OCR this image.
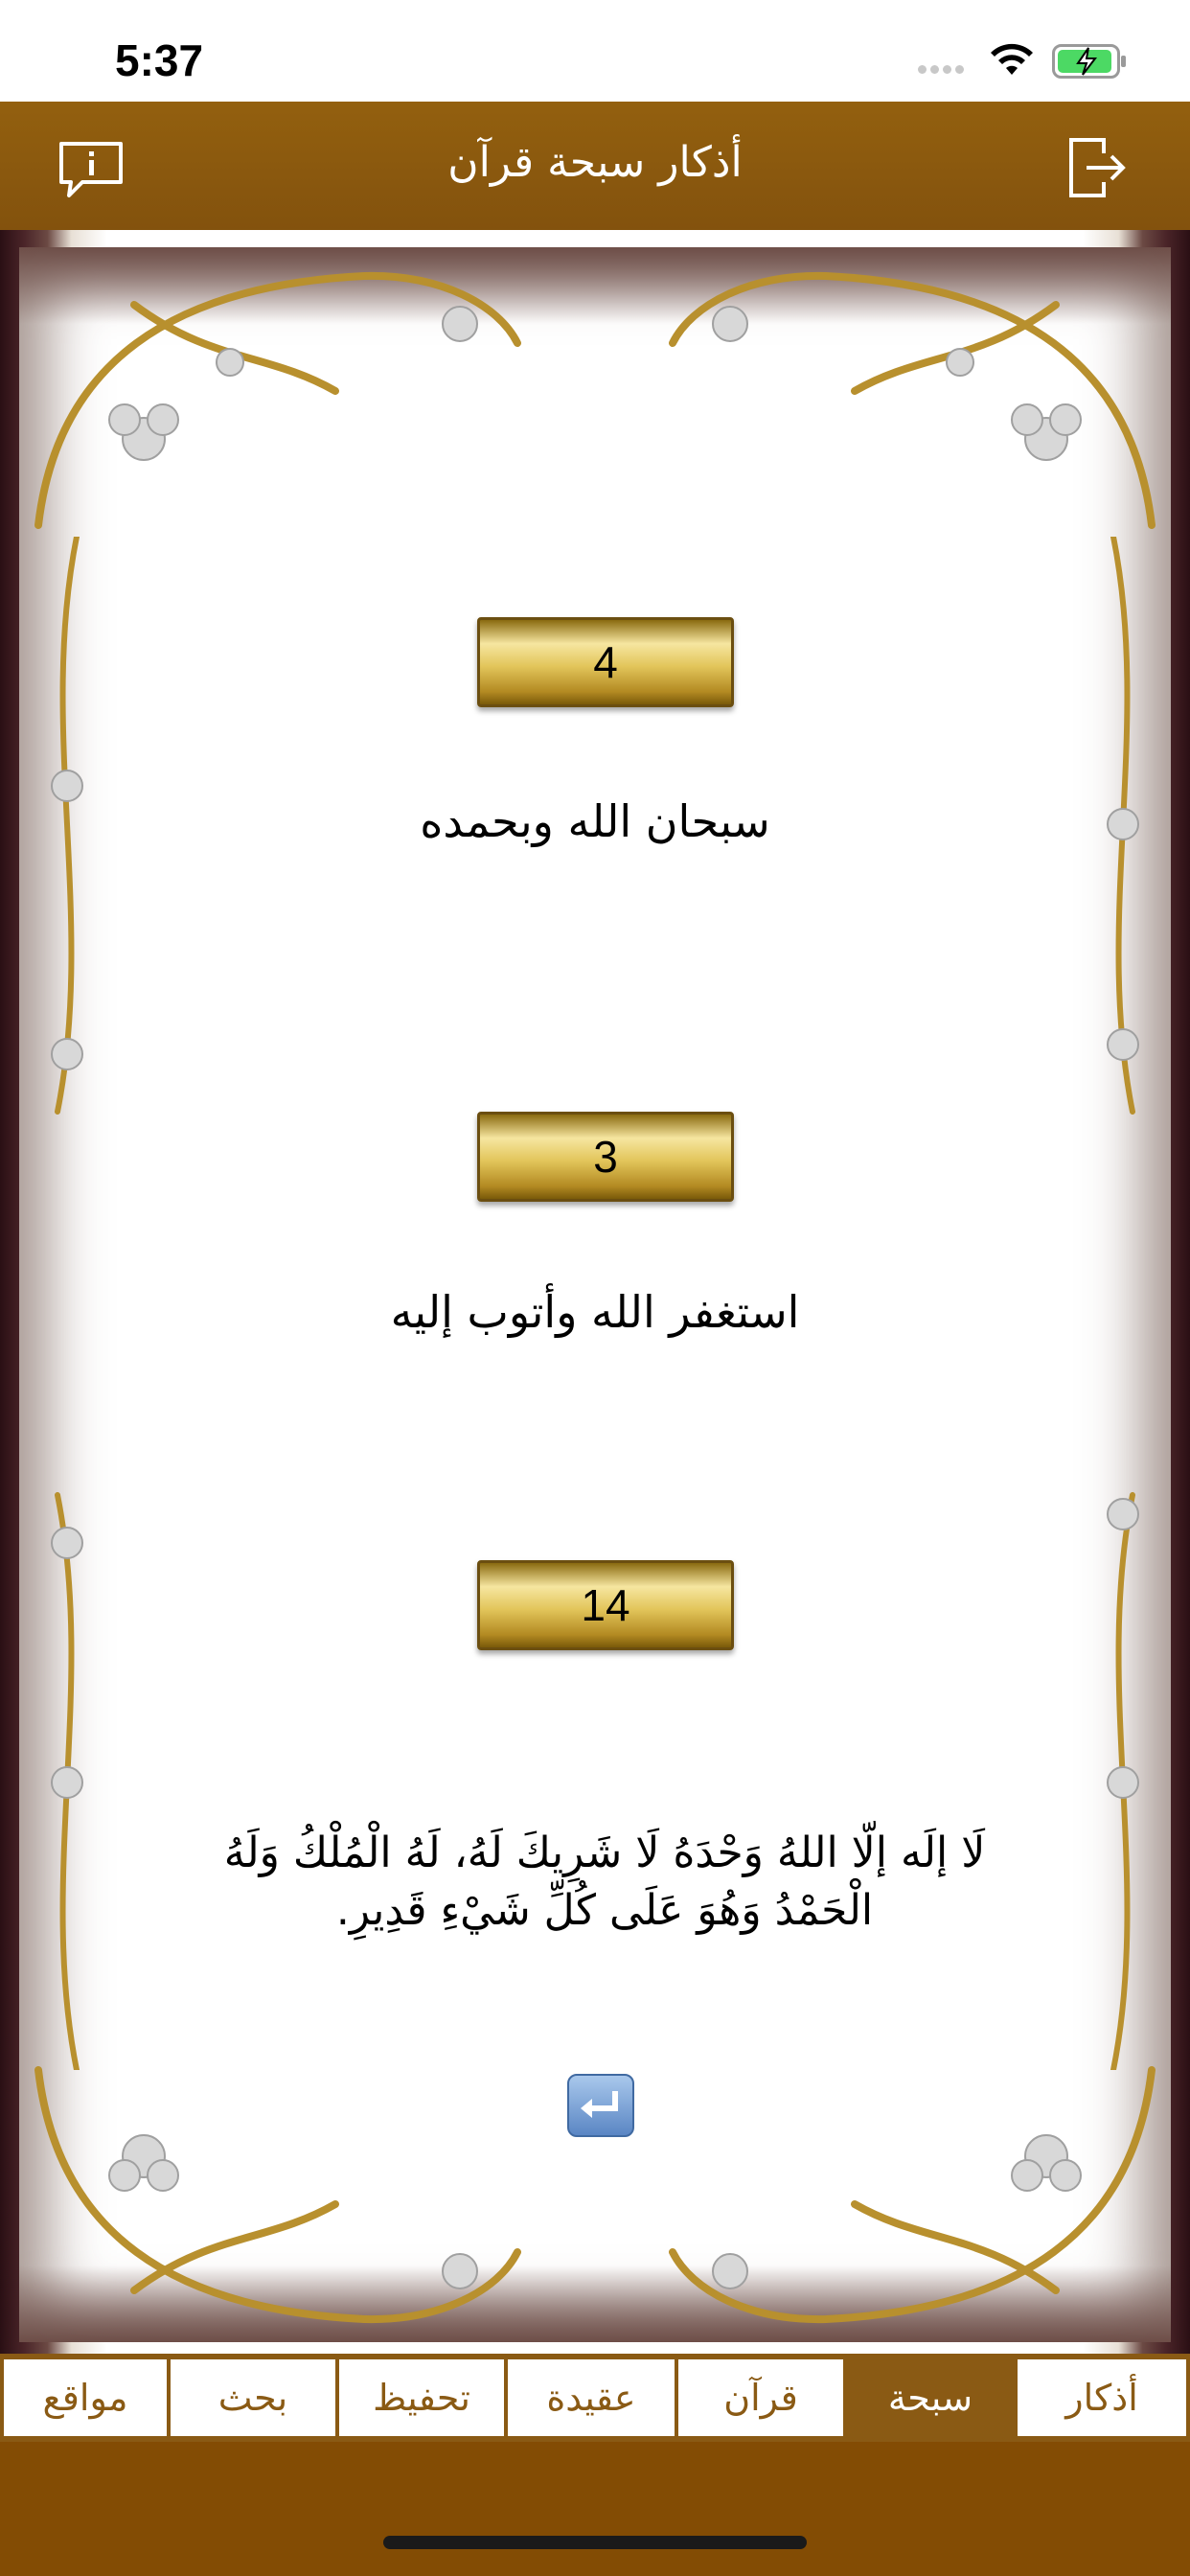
5:37
أذكار سبحة قرآن
4
سبحان الله وبحمده
3
استغفر الله وأتوب إليه
14
لَا إلَه إلّا اللهُ وَحْدَهُ لَا شَرِيكَ لَهُ، لَهُ الْمُلْكُ وَلَهُ الْحَمْدُ وَهُوَ عَلَى كُلِّ شَيْءِ قَدِيرِ.
مواقع	بحث	تحفيظ	عقيدة	قرآن	سبحة	أذكار
